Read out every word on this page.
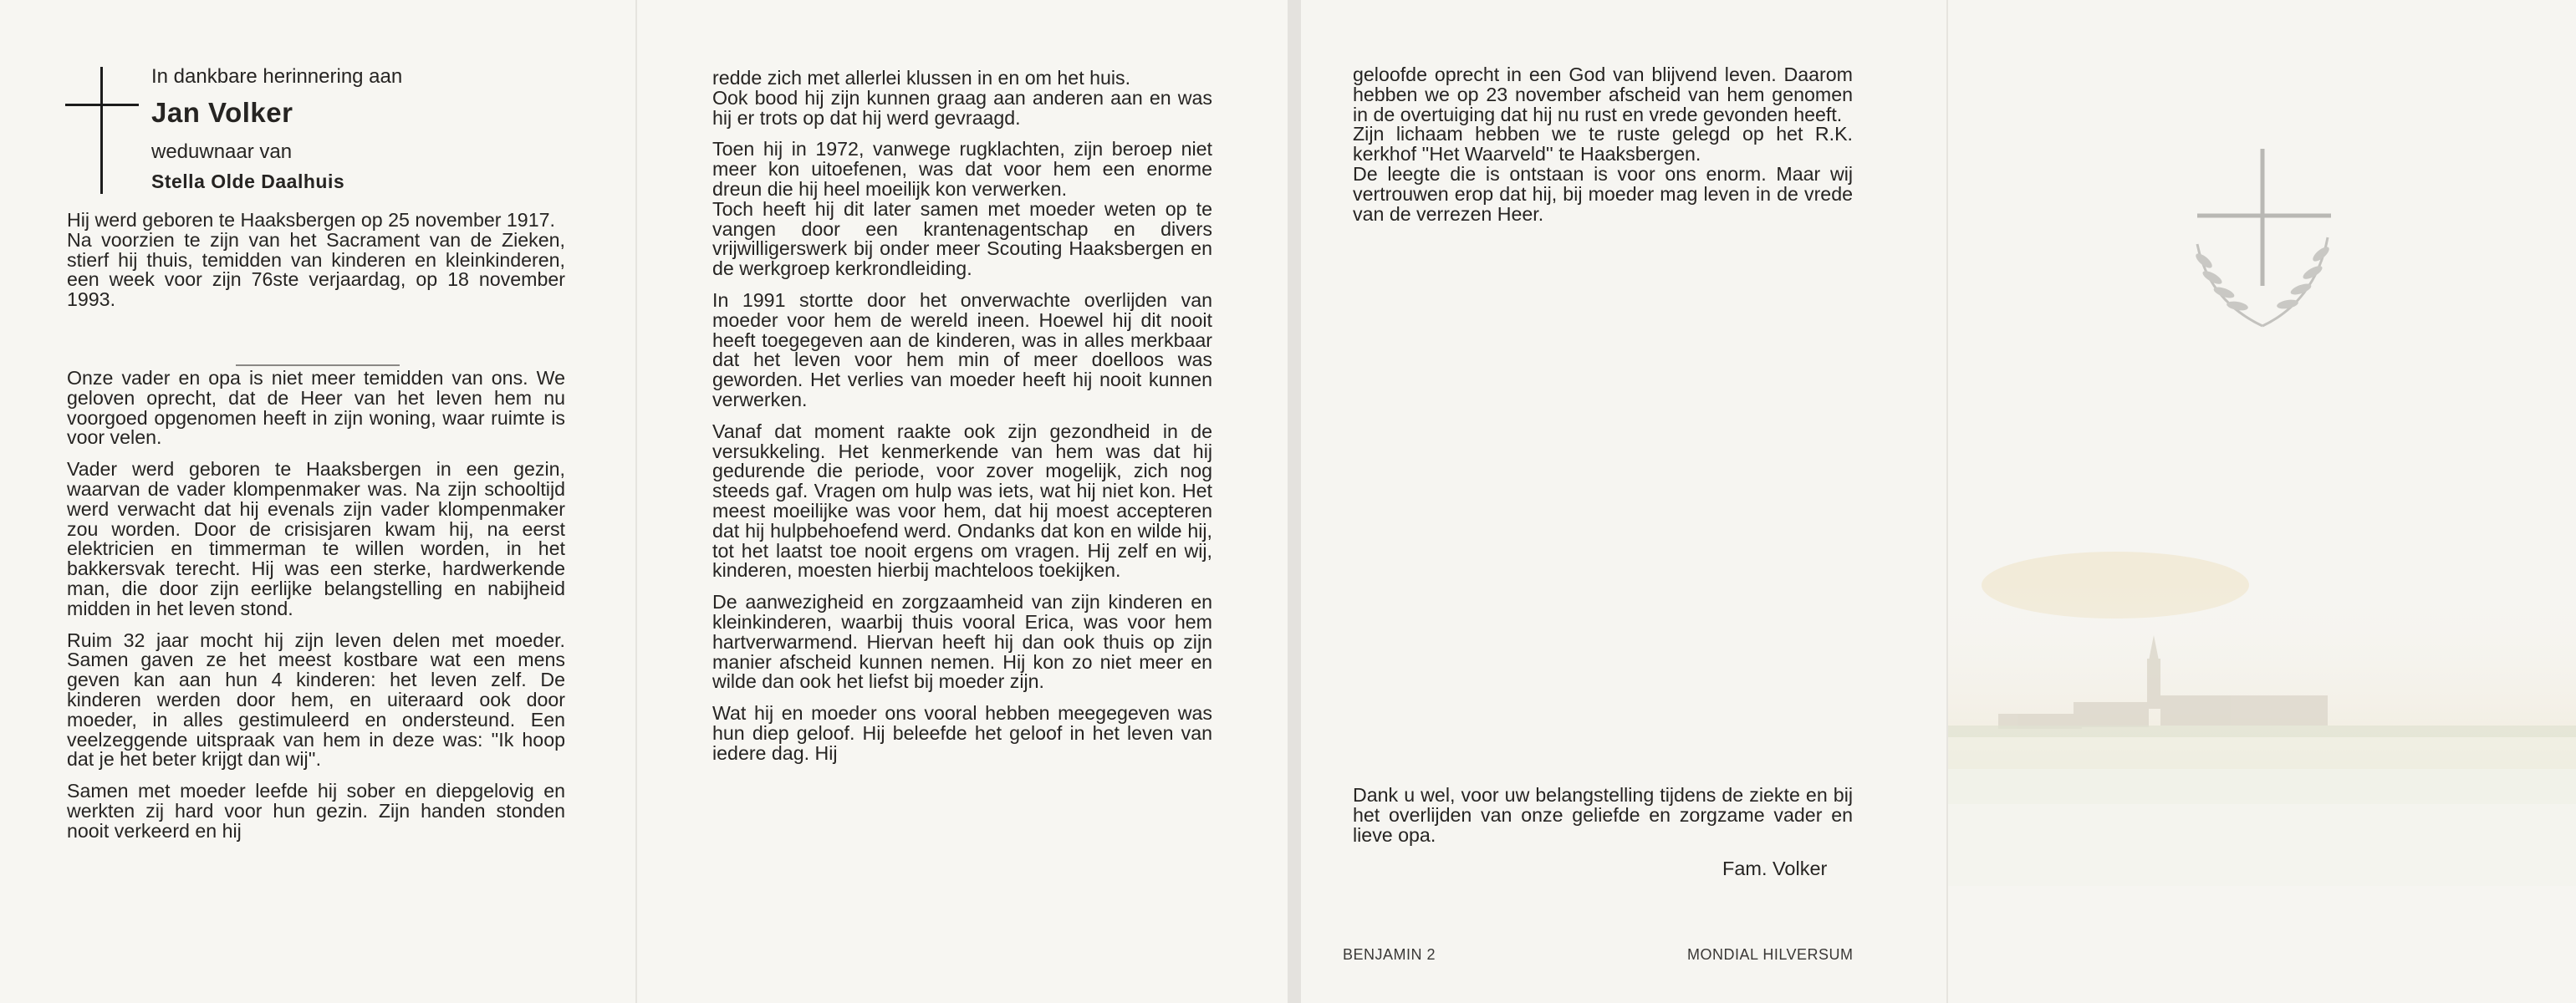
In dankbare herinnering aan
Jan Volker
weduwnaar van
Stella Olde Daalhuis

Hij werd geboren te Haaksbergen op 25 november 1917.
Na voorzien te zijn van het Sacrament van de Zieken, stierf hij thuis, temidden van kinderen en kleinkinderen, een week voor zijn 76ste verjaardag, op 18 november 1993.

Onze vader en opa is niet meer temidden van ons. We geloven oprecht, dat de Heer van het leven hem nu voorgoed opgenomen heeft in zijn woning, waar ruimte is voor velen.

Vader werd geboren te Haaksbergen in een gezin, waarvan de vader klompenmaker was. Na zijn schooltijd werd verwacht dat hij evenals zijn vader klompenmaker zou worden. Door de crisisjaren kwam hij, na eerst elektricien en timmerman te willen worden, in het bakkersvak terecht. Hij was een sterke, hardwerkende man, die door zijn eerlijke belangstelling en nabijheid midden in het leven stond.

Ruim 32 jaar mocht hij zijn leven delen met moeder. Samen gaven ze het meest kostbare wat een mens geven kan aan hun 4 kinderen: het leven zelf. De kinderen werden door hem, en uiteraard ook door moeder, in alles gestimuleerd en ondersteund. Een veelzeggende uitspraak van hem in deze was: ''Ik hoop dat je het beter krijgt dan wij''.

Samen met moeder leefde hij sober en diepgelovig en werkten zij hard voor hun gezin. Zijn handen stonden nooit verkeerd en hij

redde zich met allerlei klussen in en om het huis.
Ook bood hij zijn kunnen graag aan anderen aan en was hij er trots op dat hij werd gevraagd.

Toen hij in 1972, vanwege rugklachten, zijn beroep niet meer kon uitoefenen, was dat voor hem een enorme dreun die hij heel moeilijk kon verwerken.
Toch heeft hij dit later samen met moeder weten op te vangen door een krantenagentschap en divers vrijwilligerswerk bij onder meer Scouting Haaksbergen en de werkgroep kerkrondleiding.

In 1991 stortte door het onverwachte overlijden van moeder voor hem de wereld ineen. Hoewel hij dit nooit heeft toegegeven aan de kinderen, was in alles merkbaar dat het leven voor hem min of meer doelloos was geworden. Het verlies van moeder heeft hij nooit kunnen verwerken.

Vanaf dat moment raakte ook zijn gezondheid in de versukkeling. Het kenmerkende van hem was dat hij gedurende die periode, voor zover mogelijk, zich nog steeds gaf. Vragen om hulp was iets, wat hij niet kon. Het meest moeilijke was voor hem, dat hij moest accepteren dat hij hulpbehoefend werd. Ondanks dat kon en wilde hij, tot het laatst toe nooit ergens om vragen. Hij zelf en wij, kinderen, moesten hierbij machteloos toekijken.

De aanwezigheid en zorgzaamheid van zijn kinderen en kleinkinderen, waarbij thuis vooral Erica, was voor hem hartverwarmend. Hiervan heeft hij dan ook thuis op zijn manier afscheid kunnen nemen. Hij kon zo niet meer en wilde dan ook het liefst bij moeder zijn.

Wat hij en moeder ons vooral hebben meegegeven was hun diep geloof. Hij beleefde het geloof in het leven van iedere dag. Hij

geloofde oprecht in een God van blijvend leven. Daarom hebben we op 23 november afscheid van hem genomen in de overtuiging dat hij nu rust en vrede gevonden heeft.
Zijn lichaam hebben we te ruste gelegd op het R.K. kerkhof ''Het Waarveld'' te Haaksbergen.
De leegte die is ontstaan is voor ons enorm. Maar wij vertrouwen erop dat hij, bij moeder mag leven in de vrede van de verrezen Heer.

Dank u wel, voor uw belangstelling tijdens de ziekte en bij het overlijden van onze geliefde en zorgzame vader en lieve opa.
Fam. Volker
BENJAMIN 2	MONDIAL HILVERSUM
